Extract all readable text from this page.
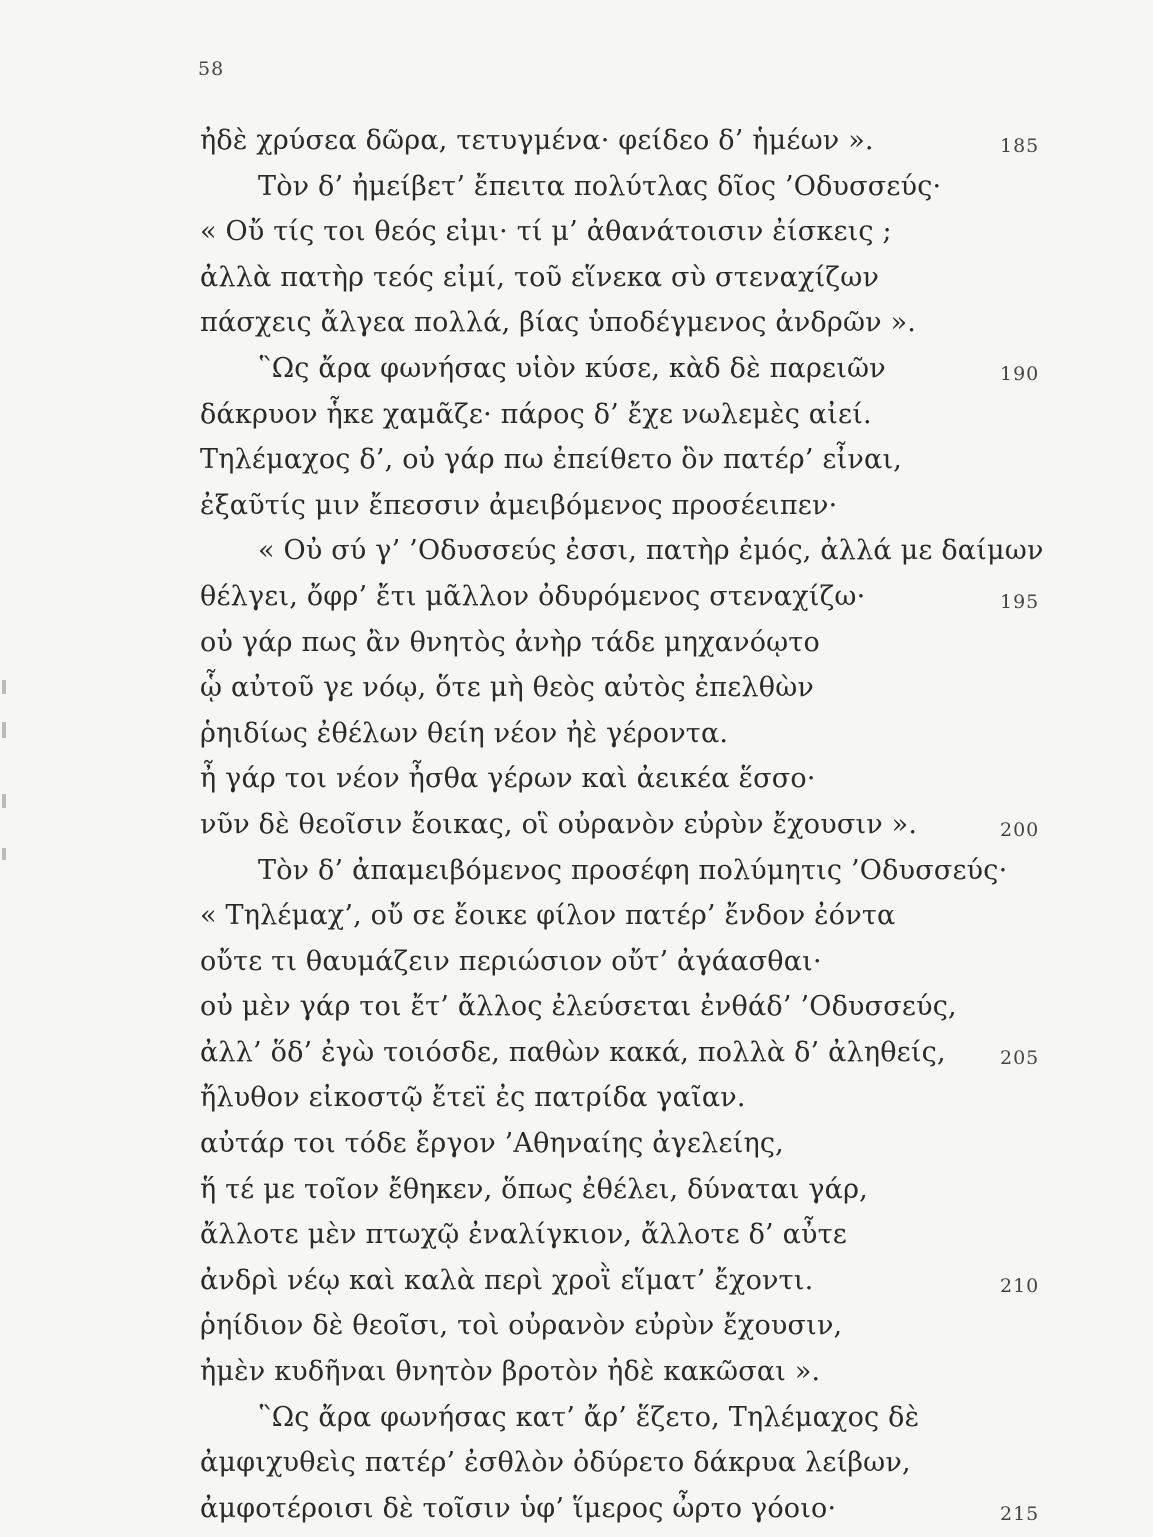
58
ἠδὲ χρύσεα δῶρα, τετυγμένα· φείδεο δ’ ἡμέων ».	185
Τὸν δ’ ἠμείβετ’ ἔπειτα πολύτλας δῖος ’Οδυσσεύς·
« Οὔ τίς τοι θεός εἰμι· τί μ’ ἀθανάτοισιν ἐίσκεις ;
ἀλλὰ πατὴρ τεός εἰμί, τοῦ εἵνεκα σὺ στεναχίζων
πάσχεις ἄλγεα πολλά, βίας ὑποδέγμενος ἀνδρῶν ».
῝Ως ἄρα φωνήσας υἱὸν κύσε, κὰδ δὲ παρειῶν	190
δάκρυον ἧκε χαμᾶζε· πάρος δ’ ἔχε νωλεμὲς αἰεί.
Τηλέμαχος δ’, οὐ γάρ πω ἐπείθετο ὃν πατέρ’ εἶναι,
ἐξαῦτίς μιν ἔπεσσιν ἀμειβόμενος προσέειπεν·
« Οὐ σύ γ’ ’Οδυσσεύς ἐσσι, πατὴρ ἐμός, ἀλλά με δαίμων
θέλγει, ὄφρ’ ἔτι μᾶλλον ὀδυρόμενος στεναχίζω·	195
οὐ γάρ πως ἂν θνητὸς ἀνὴρ τάδε μηχανόῳτο
ᾧ αὐτοῦ γε νόῳ, ὅτε μὴ θεὸς αὐτὸς ἐπελθὼν
ῥηιδίως ἐθέλων θείη νέον ἠὲ γέροντα.
ἦ γάρ τοι νέον ἦσθα γέρων καὶ ἀεικέα ἕσσο·
νῦν δὲ θεοῖσιν ἔοικας, οἳ οὐρανὸν εὐρὺν ἔχουσιν ».	200
Τὸν δ’ ἀπαμειβόμενος προσέφη πολύμητις ’Οδυσσεύς·
« Τηλέμαχ’, οὔ σε ἔοικε φίλον πατέρ’ ἔνδον ἐόντα
οὔτε τι θαυμάζειν περιώσιον οὔτ’ ἀγάασθαι·
οὐ μὲν γάρ τοι ἔτ’ ἄλλος ἐλεύσεται ἐνθάδ’ ’Οδυσσεύς,
ἀλλ’ ὅδ’ ἐγὼ τοιόσδε, παθὼν κακά, πολλὰ δ’ ἀληθείς,	205
ἤλυθον εἰκοστῷ ἔτεϊ ἐς πατρίδα γαῖαν.
αὐτάρ τοι τόδε ἔργον ’Αθηναίης ἀγελείης,
ἥ τέ με τοῖον ἔθηκεν, ὅπως ἐθέλει, δύναται γάρ,
ἄλλοτε μὲν πτωχῷ ἐναλίγκιον, ἄλλοτε δ’ αὖτε
ἀνδρὶ νέῳ καὶ καλὰ περὶ χροῒ εἵματ’ ἔχοντι.	210
ῥηίδιον δὲ θεοῖσι, τοὶ οὐρανὸν εὐρὺν ἔχουσιν,
ἠμὲν κυδῆναι θνητὸν βροτὸν ἠδὲ κακῶσαι ».
῝Ως ἄρα φωνήσας κατ’ ἄρ’ ἕζετο, Τηλέμαχος δὲ
ἀμφιχυθεὶς πατέρ’ ἐσθλὸν ὀδύρετο δάκρυα λείβων,
ἀμφοτέροισι δὲ τοῖσιν ὑφ’ ἵμερος ὦρτο γόοιο·	215
